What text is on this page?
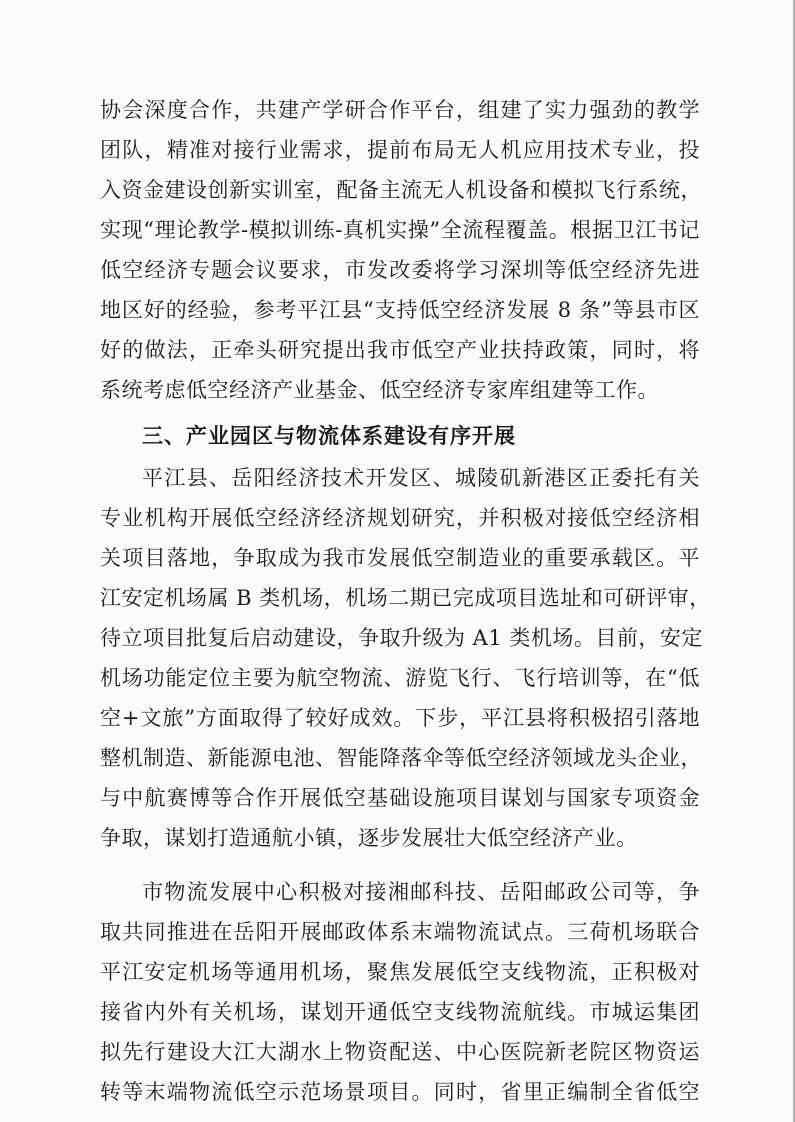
协会深度合作，共建产学研合作平台，组建了实力强劲的教学
团队，精准对接行业需求，提前布局无人机应用技术专业，投
入资金建设创新实训室，配备主流无人机设备和模拟飞行系统，
实现“理论教学-模拟训练-真机实操”全流程覆盖。根据卫江书记
低空经济专题会议要求，市发改委将学习深圳等低空经济先进
地区好的经验，参考平江县“支持低空经济发展 8 条”等县市区
好的做法，正牵头研究提出我市低空产业扶持政策，同时，将
系统考虑低空经济产业基金、低空经济专家库组建等工作。
三、产业园区与物流体系建设有序开展
平江县、岳阳经济技术开发区、城陵矶新港区正委托有关
专业机构开展低空经济经济规划研究，并积极对接低空经济相
关项目落地，争取成为我市发展低空制造业的重要承载区。平
江安定机场属 B 类机场，机场二期已完成项目选址和可研评审，
待立项目批复后启动建设，争取升级为 A1 类机场。目前，安定
机场功能定位主要为航空物流、游览飞行、飞行培训等，在“低
空+文旅”方面取得了较好成效。下步，平江县将积极招引落地
整机制造、新能源电池、智能降落伞等低空经济领域龙头企业，
与中航赛博等合作开展低空基础设施项目谋划与国家专项资金
争取，谋划打造通航小镇，逐步发展壮大低空经济产业。
市物流发展中心积极对接湘邮科技、岳阳邮政公司等，争
取共同推进在岳阳开展邮政体系末端物流试点。三荷机场联合
平江安定机场等通用机场，聚焦发展低空支线物流，正积极对
接省内外有关机场，谋划开通低空支线物流航线。市城运集团
拟先行建设大江大湖水上物资配送、中心医院新老院区物资运
转等末端物流低空示范场景项目。同时，省里正编制全省低空
